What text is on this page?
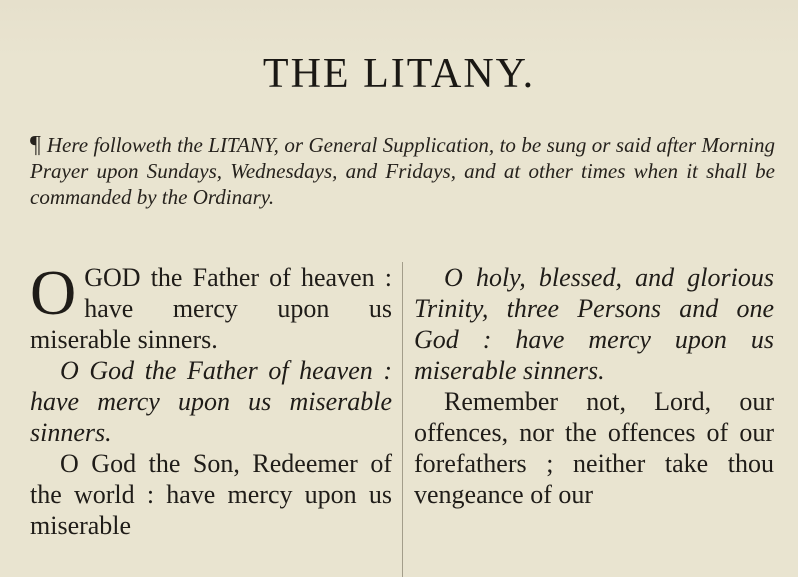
THE LITANY.
¶ Here followeth the LITANY, or General Supplication, to be sung or said after Morning Prayer upon Sundays, Wednesdays, and Fridays, and at other times when it shall be commanded by the Ordinary.

O GOD the Father of heaven : have mercy upon us miserable sinners.

O God the Father of heaven : have mercy upon us miserable sinners.

O God the Son, Redeemer of the world : have mercy upon us miserable

O holy, blessed, and glorious Trinity, three Persons and one God : have mercy upon us miserable sinners.

Remember not, Lord, our offences, nor the offences of our forefathers ; neither take thou vengeance of our
